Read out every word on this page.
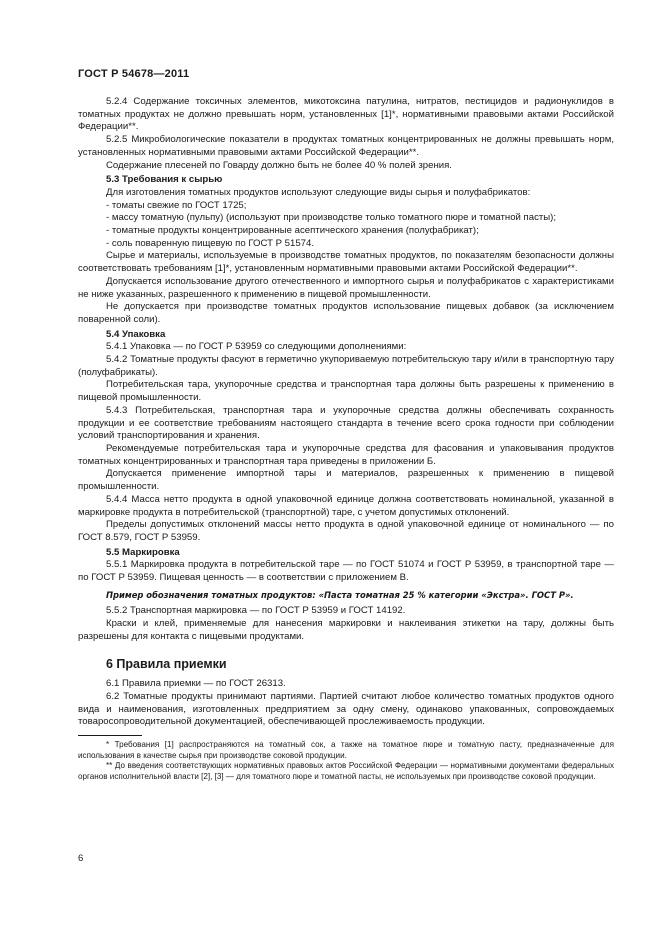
ГОСТ Р 54678—2011

5.2.4 Содержание токсичных элементов, микотоксина патулина, нитратов, пестицидов и радионуклидов в томатных продуктах не должно превышать норм, установленных [1]*, нормативными правовыми актами Российской Федерации**.

5.2.5 Микробиологические показатели в продуктах томатных концентрированных не должны превышать норм, установленных нормативными правовыми актами Российской Федерации**.

Содержание плесеней по Говарду должно быть не более 40 % полей зрения.

5.3 Требования к сырью

Для изготовления томатных продуктов используют следующие виды сырья и полуфабрикатов:

- томаты свежие по ГОСТ 1725;

- массу томатную (пульпу) (используют при производстве только томатного пюре и томатной пасты);

- томатные продукты концентрированные асептического хранения (полуфабрикат);

- соль поваренную пищевую по ГОСТ Р 51574.

Сырье и материалы, используемые в производстве томатных продуктов, по показателям безопасности должны соответствовать требованиям [1]*, установленным нормативными правовыми актами Российской Федерации**.

Допускается использование другого отечественного и импортного сырья и полуфабрикатов с характеристиками не ниже указанных, разрешенного к применению в пищевой промышленности.

Не допускается при производстве томатных продуктов использование пищевых добавок (за исключением поваренной соли).

5.4 Упаковка

5.4.1 Упаковка — по ГОСТ Р 53959 со следующими дополнениями:

5.4.2 Томатные продукты фасуют в герметично укупориваемую потребительскую тару и/или в транспортную тару (полуфабрикаты).

Потребительская тара, укупорочные средства и транспортная тара должны быть разрешены к применению в пищевой промышленности.

5.4.3 Потребительская, транспортная тара и укупорочные средства должны обеспечивать сохранность продукции и ее соответствие требованиям настоящего стандарта в течение всего срока годности при соблюдении условий транспортирования и хранения.

Рекомендуемые потребительская тара и укупорочные средства для фасования и упаковывания продуктов томатных концентрированных и транспортная тара приведены в приложении Б.

Допускается применение импортной тары и материалов, разрешенных к применению в пищевой промышленности.

5.4.4 Масса нетто продукта в одной упаковочной единице должна соответствовать номинальной, указанной в маркировке продукта в потребительской (транспортной) таре, с учетом допустимых отклонений.

Пределы допустимых отклонений массы нетто продукта в одной упаковочной единице от номинального — по ГОСТ 8.579, ГОСТ Р 53959.

5.5 Маркировка

5.5.1 Маркировка продукта в потребительской таре — по ГОСТ 51074 и ГОСТ Р 53959, в транспортной таре — по ГОСТ Р 53959. Пищевая ценность — в соответствии с приложением В.

Пример обозначения томатных продуктов: «Паста томатная 25 % категории «Экстра». ГОСТ Р».

5.5.2 Транспортная маркировка — по ГОСТ Р 53959 и ГОСТ 14192.

Краски и клей, применяемые для нанесения маркировки и наклеивания этикетки на тару, должны быть разрешены для контакта с пищевыми продуктами.

6 Правила приемки

6.1 Правила приемки — по ГОСТ 26313.

6.2 Томатные продукты принимают партиями. Партией считают любое количество томатных продуктов одного вида и наименования, изготовленных предприятием за одну смену, одинаково упакованных, сопровождаемых товаросопроводительной документацией, обеспечивающей прослеживаемость продукции.

* Требования [1] распространяются на томатный сок, а также на томатное пюре и томатную пасту, предназначенные для использования в качестве сырья при производстве соковой продукции.

** До введения соответствующих нормативных правовых актов Российской Федерации — нормативными документами федеральных органов исполнительной власти [2], [3] — для томатного пюре и томатной пасты, не используемых при производстве соковой продукции.

6
